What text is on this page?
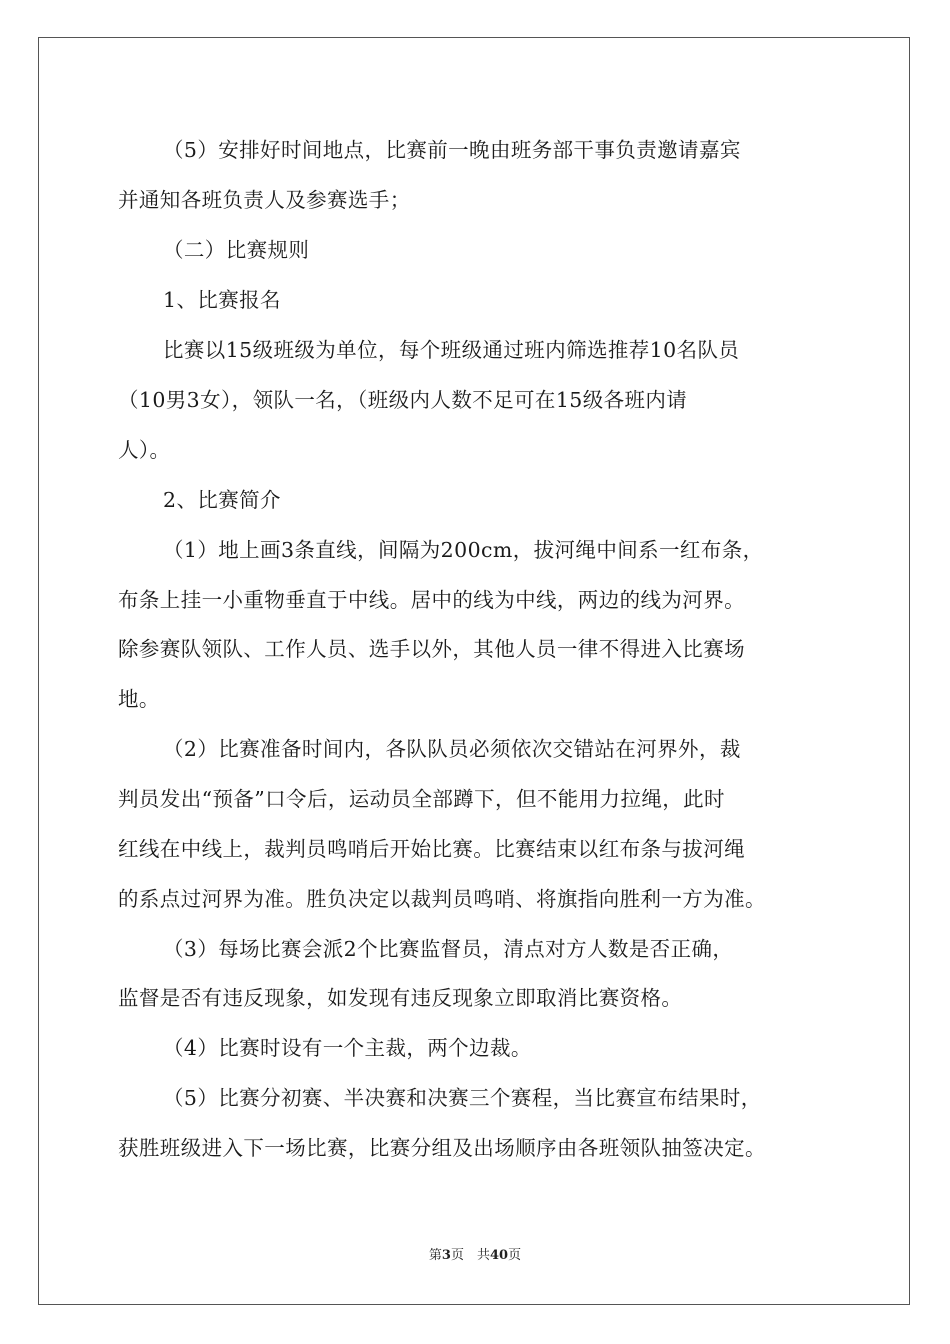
（5）安排好时间地点，比赛前一晚由班务部干事负责邀请嘉宾
并通知各班负责人及参赛选手；
（二）比赛规则
1、比赛报名
比赛以15级班级为单位，每个班级通过班内筛选推荐10名队员
（10男3女），领队一名，（班级内人数不足可在15级各班内请
人）。
2、比赛简介
（1）地上画3条直线，间隔为200cm，拔河绳中间系一红布条，
布条上挂一小重物垂直于中线。居中的线为中线，两边的线为河界。
除参赛队领队、工作人员、选手以外，其他人员一律不得进入比赛场
地。
（2）比赛准备时间内，各队队员必须依次交错站在河界外，裁
判员发出“预备”口令后，运动员全部蹲下，但不能用力拉绳，此时
红线在中线上，裁判员鸣哨后开始比赛。比赛结束以红布条与拔河绳
的系点过河界为准。胜负决定以裁判员鸣哨、将旗指向胜利一方为准。
（3）每场比赛会派2个比赛监督员，清点对方人数是否正确，
监督是否有违反现象，如发现有违反现象立即取消比赛资格。
（4）比赛时设有一个主裁，两个边裁。
（5）比赛分初赛、半决赛和决赛三个赛程，当比赛宣布结果时，
获胜班级进入下一场比赛，比赛分组及出场顺序由各班领队抽签决定。
第3页　共40页
